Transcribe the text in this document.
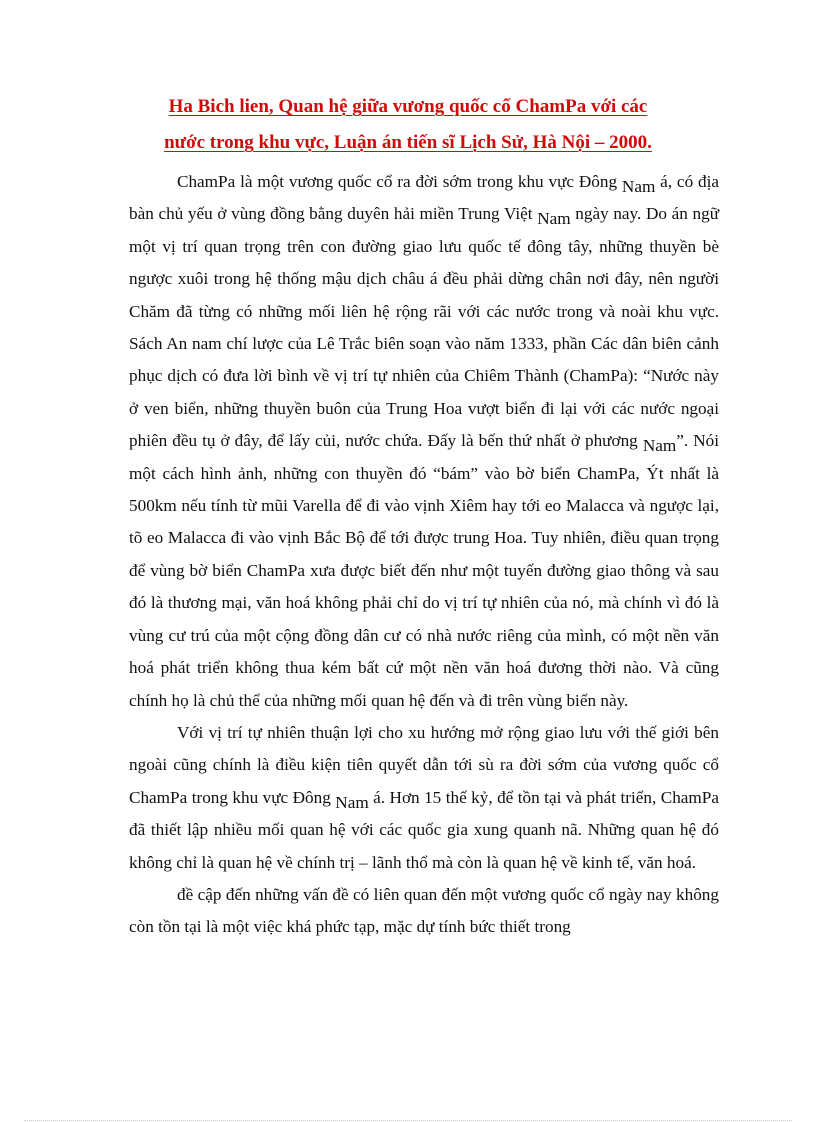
Ha Bich lien, Quan hệ giữa vương quốc cổ ChamPa với các
nước trong khu vực, Luận án tiến sĩ Lịch Sử, Hà Nội – 2000.

ChamPa là một vương quốc cổ ra đời sớm trong khu vực Đông Nam á, có địa bàn chủ yếu ở vùng đồng bằng duyên hải miền Trung Việt Nam ngày nay. Do án ngữ một vị trí quan trọng trên con đường giao lưu quốc tế đông tây, những thuyền bè ngược xuôi trong hệ thống mậu dịch châu á đều phải dừng chân nơi đây, nên người Chăm đã từng có những mối liên hệ rộng rãi với các nước trong và noài khu vực. Sách An nam chí lược của Lê Trắc biên soạn vào năm 1333, phần Các dân biên cảnh phục dịch có đưa lời bình về vị trí tự nhiên của Chiêm Thành (ChamPa): “Nước này ở ven biển, những thuyền buôn của Trung Hoa vượt biển đi lại với các nước ngoại phiên đều tụ ở đây, để lấy củi, nước chứa. Đấy là bến thứ nhất ở phương Nam”. Nói một cách hình ảnh, những con thuyền đó “bám” vào bờ biển ChamPa, Ýt nhất là 500km nếu tính từ mũi Varella để đi vào vịnh Xiêm hay tới eo Malacca và ngược lại, tõ eo Malacca đi vào vịnh Bắc Bộ để tới được trung Hoa. Tuy nhiên, điều quan trọng để vùng bờ biển ChamPa xưa được biết đến như một tuyến đường giao thông và sau đó là thương mại, văn hoá không phải chỉ do vị trí tự nhiên của nó, mà chính vì đó là vùng cư trú của một cộng đồng dân cư có nhà nước riêng của mình, có một nền văn hoá phát triển không thua kém bất cứ một nền văn hoá đương thời nào. Và cũng chính họ là chủ thể của những mối quan hệ đến và đi trên vùng biển này.

Với vị trí tự nhiên thuận lợi cho xu hướng mở rộng giao lưu với thế giới bên ngoài cũng chính là điều kiện tiên quyết dẫn tới sù ra đời sớm của vương quốc cổ ChamPa trong khu vực Đông Nam á. Hơn 15 thế kỷ, để tồn tại và phát triển, ChamPa đã thiết lập nhiều mối quan hệ với các quốc gia xung quanh nã. Những quan hệ đó không chỉ là quan hệ về chính trị – lãnh thổ mà còn là quan hệ về kinh tế, văn hoá.

đề cập đến những vấn đề có liên quan đến một vương quốc cổ ngày nay không còn tồn tại là một việc khá phức tạp, mặc dự tính bức thiết trong
